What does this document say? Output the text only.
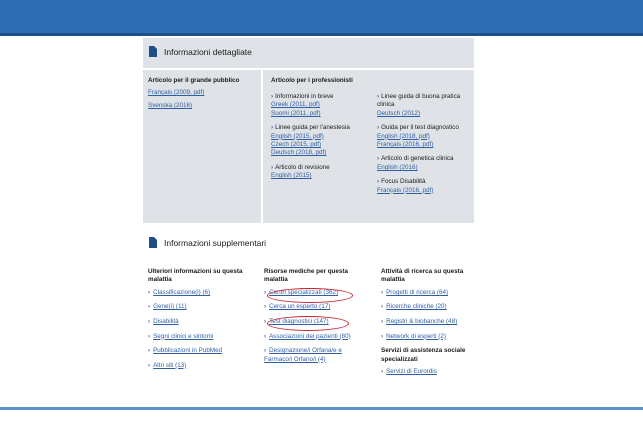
Informazioni dettagliate
Articolo per il grande pubblico
Français (2009, pdf)
Svenska (2016)
Articolo per i professionisti
› Informazioni in breve
Greek (2011, pdf)
Suomi (2011, pdf)
› Linee guida per l'anestesia
English (2015, pdf)
Czech (2015, pdf)
Deutsch (2018, pdf)
› Articolo di revisione
English (2015)
› Linee guida di buona pratica clinica
Deutsch (2012)
› Guida per il test diagnostico
English (2018, pdf)
Français (2016, pdf)
› Articolo di genetica clinica
English (2016)
› Focus Disabilità
Français (2016, pdf)
Informazioni supplementari
Ulteriori informazioni su questa malattia
› Classificazione(i) (6)
› Gene(i) (11)
› Disabilità
› Segni clinici e sintomi
› Pubblicazioni in PubMed
› Altri siti (13)
Risorse mediche per questa malattia
› Centri specializzati (362)
› Cerca un esperto (17)
› Test diagnostici (147)
› Associazioni dei pazienti (80)
› Designazione/i Orfana/e e Farmaco/i Orfano/i (4)
Attività di ricerca su questa malattia
› Progetti di ricerca (64)
› Ricerche cliniche (20)
› Registri & biobanche (48)
› Network di esperti (2)
Servizi di assistenza sociale specializzati
› Servizi di Eurordis
